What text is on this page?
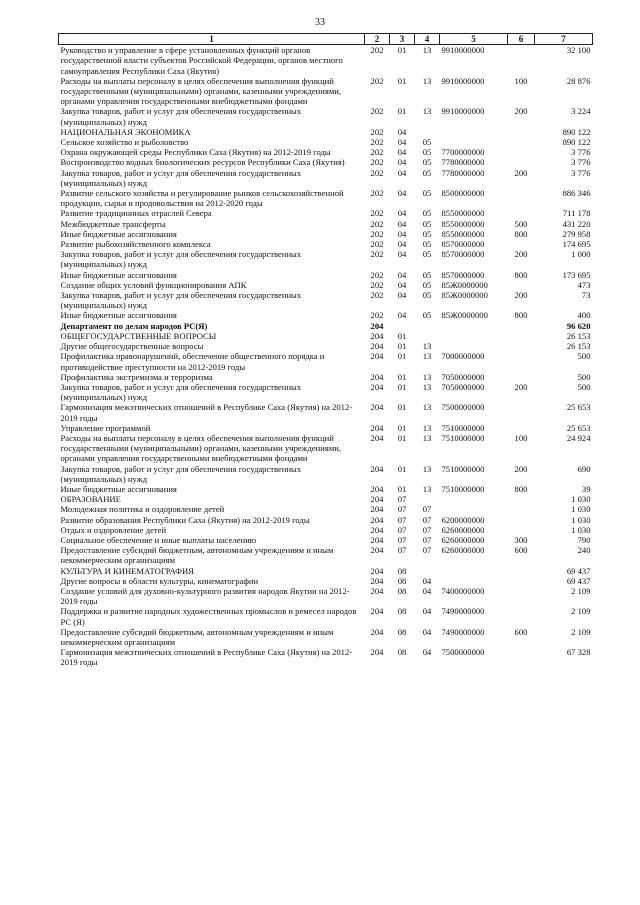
33
1	2	3	4	5	6	7
Руководство и управление в сфере установленных функций органов государственной власти субъектов Российской Федерации, органов местного самоуправления Республики Саха (Якутия)	202	01	13	9910000000		32 100
Расходы на выплаты персоналу в целях обеспечения выполнения функций государственными (муниципальными) органами, казенными учреждениями, органами управления государственными внебюджетными фондами	202	01	13	9910000000	100	28 876
Закупка товаров, работ и услуг для обеспечения государственных (муниципальных) нужд	202	01	13	9910000000	200	3 224
НАЦИОНАЛЬНАЯ ЭКОНОМИКА	202	04				890 122
Сельское хозяйство и рыболовство	202	04	05			890 122
Охрана окружающей среды Республики Саха (Якутия) на 2012-2019 годы	202	04	05	7700000000		3 776
Воспроизводство водных биологических ресурсов Республики Саха (Якутия)	202	04	05	7780000000		3 776
Закупка товаров, работ и услуг для обеспечения государственных (муниципальных) нужд	202	04	05	7780000000	200	3 776
Развитие сельского хозяйства и регулирование рынков сельскохозяйственной продукции, сырья и продовольствия на 2012-2020 годы	202	04	05	8500000000		886 346
Развитие традиционных отраслей Севера	202	04	05	8550000000		711 178
Межбюджетные трансферты	202	04	05	8550000000	500	431 220
Иные бюджетные ассигнования	202	04	05	8550000000	800	279 958
Развитие рыбохозяйственного комплекса	202	04	05	8570000000		174 695
Закупка товаров, работ и услуг для обеспечения государственных (муниципальных) нужд	202	04	05	8570000000	200	1 000
Иные бюджетные ассигнования	202	04	05	8570000000	800	173 695
Создание общих условий функционирования АПК	202	04	05	85Ж0000000		473
Закупка товаров, работ и услуг для обеспечения государственных (муниципальных) нужд	202	04	05	85Ж0000000	200	73
Иные бюджетные ассигнования	202	04	05	85Ж0000000	800	400
Департамент по делам народов РС(Я)	204					96 620
ОБЩЕГОСУДАРСТВЕННЫЕ ВОПРОСЫ	204	01				26 153
Другие общегосударственные вопросы	204	01	13			26 153
Профилактика правонарушений, обеспечение общественного порядка и противодействие преступности на 2012-2019 годы	204	01	13	7000000000		500
Профилактика экстремизма и терроризма	204	01	13	7050000000		500
Закупка товаров, работ и услуг для обеспечения государственных (муниципальных) нужд	204	01	13	7050000000	200	500
Гармонизация межэтнических отношений в Республике Саха (Якутия) на 2012-2019 годы	204	01	13	7500000000		25 653
Управление программой	204	01	13	7510000000		25 653
Расходы на выплаты персоналу в целях обеспечения выполнения функций государственными (муниципальными) органами, казенными учреждениями, органами управления государственными внебюджетными фондами	204	01	13	7510000000	100	24 924
Закупка товаров, работ и услуг для обеспечения государственных (муниципальных) нужд	204	01	13	7510000000	200	690
Иные бюджетные ассигнования	204	01	13	7510000000	800	39
ОБРАЗОВАНИЕ	204	07				1 030
Молодежная политика и оздоровление детей	204	07	07			1 030
Развитие образования Республики Саха (Якутия) на 2012-2019 годы	204	07	07	6200000000		1 030
Отдых и оздоровление детей	204	07	07	6260000000		1 030
Социальное обеспечение и иные выплаты населению	204	07	07	6260000000	300	790
Предоставление субсидий бюджетным, автономным учреждениям и иным некоммерческим организациям	204	07	07	6260000000	600	240
КУЛЬТУРА И КИНЕМАТОГРАФИЯ	204	08				69 437
Другие вопросы в области культуры, кинематографии	204	08	04			69 437
Создание условий для духовно-культурного развития народов Якутии на 2012-2019 годы	204	08	04	7400000000		2 109
Поддержка и развитие народных художественных промыслов и ремесел народов РС (Я)	204	08	04	7490000000		2 109
Предоставление субсидий бюджетным, автономным учреждениям и иным некоммерческим организациям	204	08	04	7490000000	600	2 109
Гармонизация межэтнических отношений в Республике Саха (Якутия) на 2012-2019 годы	204	08	04	7500000000		67 328
